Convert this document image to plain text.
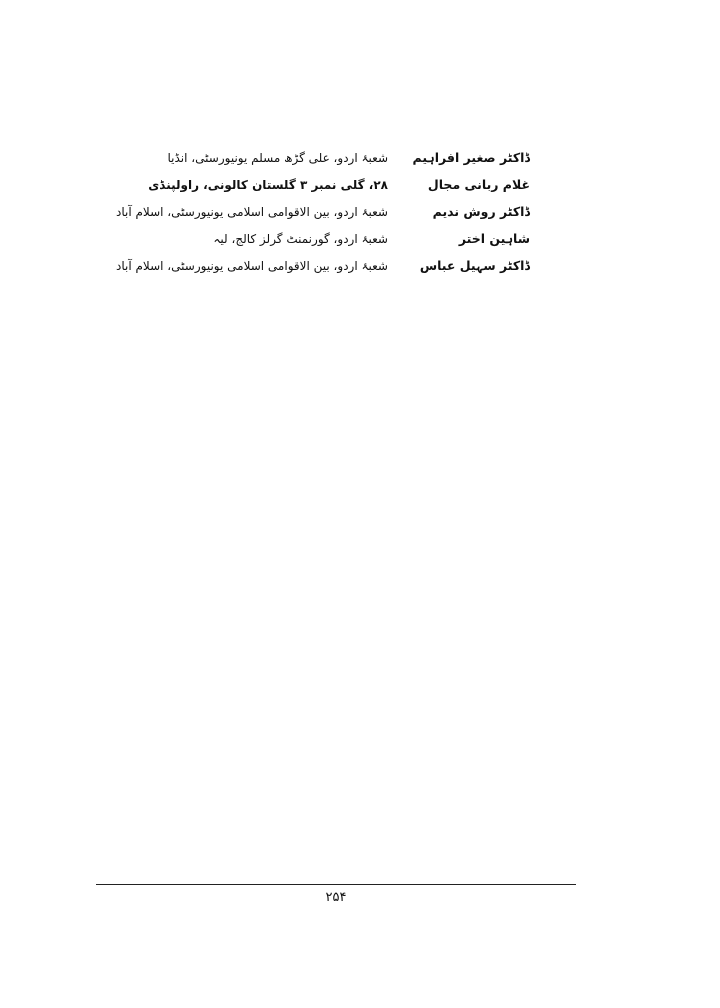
ڈاکٹر صغیر افراہیم
شعبۂ اردو، علی گڑھ مسلم یونیورسٹی، انڈیا
غلام ربانی مجال
۲۸، گلی نمبر ۳ گلستان کالونی، راولپنڈی
ڈاکٹر روش ندیم
شعبۂ اردو، بین الاقوامی اسلامی یونیورسٹی، اسلام آباد
شاہین اختر
شعبۂ اردو، گورنمنٹ گرلز کالج، لیہ
ڈاکٹر سہیل عباس
شعبۂ اردو، بین الاقوامی اسلامی یونیورسٹی، اسلام آباد
۲۵۴
